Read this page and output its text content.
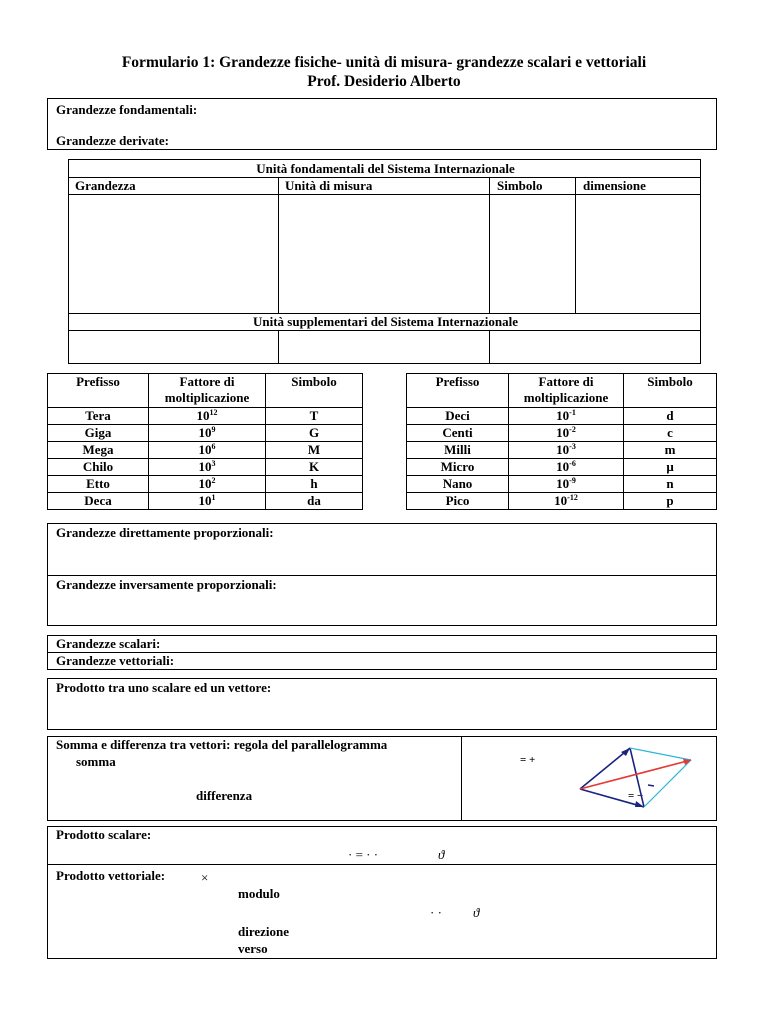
Formulario 1: Grandezze fisiche- unità di misura- grandezze scalari e vettoriali
Prof. Desiderio Alberto
Grandezze fondamentali:
Grandezze derivate:
Unità fondamentali del Sistema Internazionale
Grandezza	Unità di misura	Simbolo	dimensione
Unità supplementari del Sistema Internazionale
Prefisso	Fattore di moltiplicazione	Simbolo
Tera	$10^{12}$	T
Giga	$10^9$	G
Mega	$10^6$	M
Chilo	$10^3$	K
Etto	$10^2$	h
Deca	$10^1$	da
Prefisso	Fattore di moltiplicazione	Simbolo
Deci	$10^{-1}$	d
Centi	$10^{-2}$	c
Milli	$10^{-3}$	m
Micro	$10^{-6}$	μ
Nano	$10^{-9}$	n
Pico	$10^{-12}$	p
Grandezze direttamente proporzionali:
Grandezze inversamente proporzionali:
Grandezze scalari:
Grandezze vettoriali:
Prodotto tra uno scalare ed un vettore:
Somma e differenza tra vettori: regola del parallelogramma
somma
differenza
= +
= −
Prodotto scalare:
· = · ·	ϑ
Prodotto vettoriale:	×
modulo
· · ϑ
direzione
verso
